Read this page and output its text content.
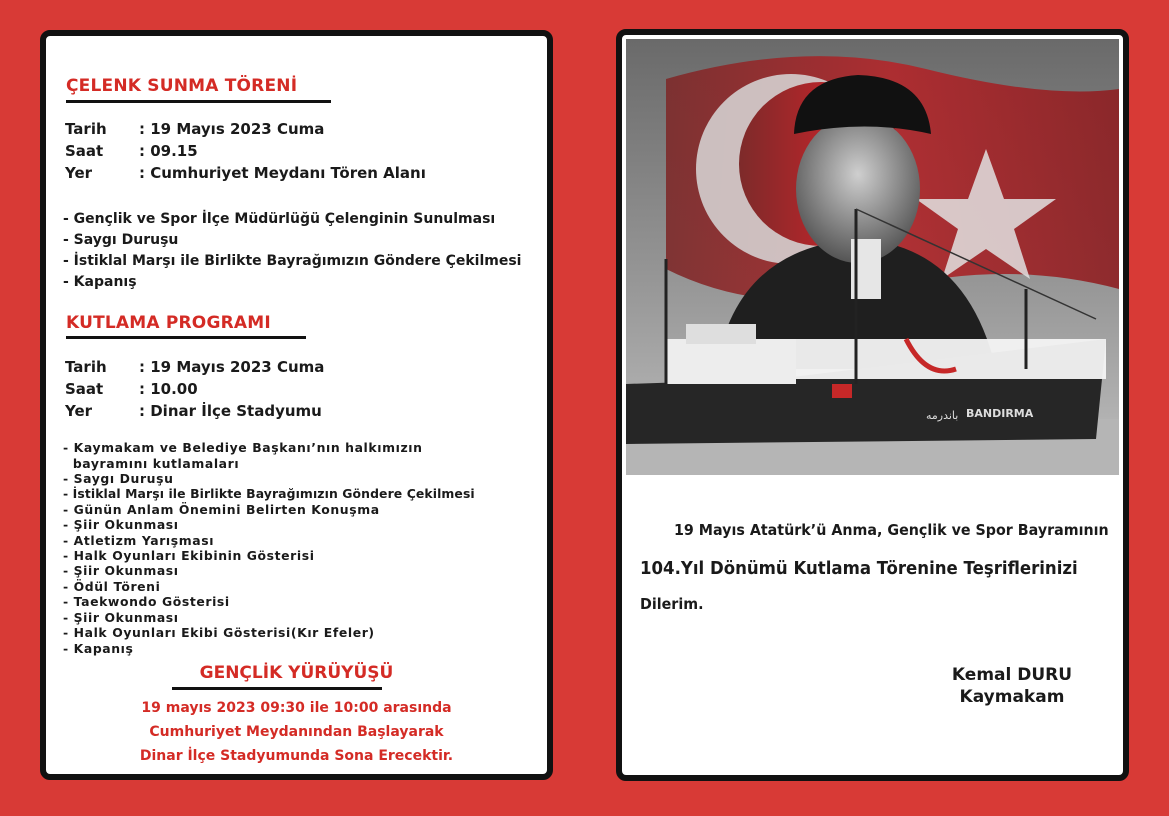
ÇELENK SUNMA TÖRENİ
Tarih : 19 Mayıs 2023 Cuma
Saat : 09.15
Yer	: Cumhuriyet Meydanı Tören Alanı
- Gençlik ve Spor İlçe Müdürlüğü Çelenginin Sunulması
- Saygı Duruşu
- İstiklal Marşı ile Birlikte Bayrağımızın Göndere Çekilmesi
- Kapanış
KUTLAMA PROGRAMI
Tarih : 19 Mayıs 2023 Cuma
Saat : 10.00
Yer	: Dinar İlçe Stadyumu
- Kaymakam ve Belediye Başkanı’nın halkımızın
bayramını kutlamaları
- Saygı Duruşu
- İstiklal Marşı ile Birlikte Bayrağımızın Göndere Çekilmesi
- Günün Anlam Önemini Belirten Konuşma
- Şiir Okunması
- Atletizm Yarışması
- Halk Oyunları Ekibinin Gösterisi
- Şiir Okunması
- Ödül Töreni
- Taekwondo Gösterisi
- Şiir Okunması
- Halk Oyunları Ekibi Gösterisi(Kır Efeler)
- Kapanış
GENÇLİK YÜRÜYÜŞÜ
19 mayıs 2023 09:30 ile 10:00 arasında
Cumhuriyet Meydanından Başlayarak
Dinar İlçe Stadyumunda Sona Erecektir.
باندرمه BANDIRMA
19 Mayıs Atatürk’ü Anma, Gençlik ve Spor Bayramının
104.Yıl Dönümü Kutlama Törenine Teşriflerinizi
Dilerim.
Kemal DURU
Kaymakam
